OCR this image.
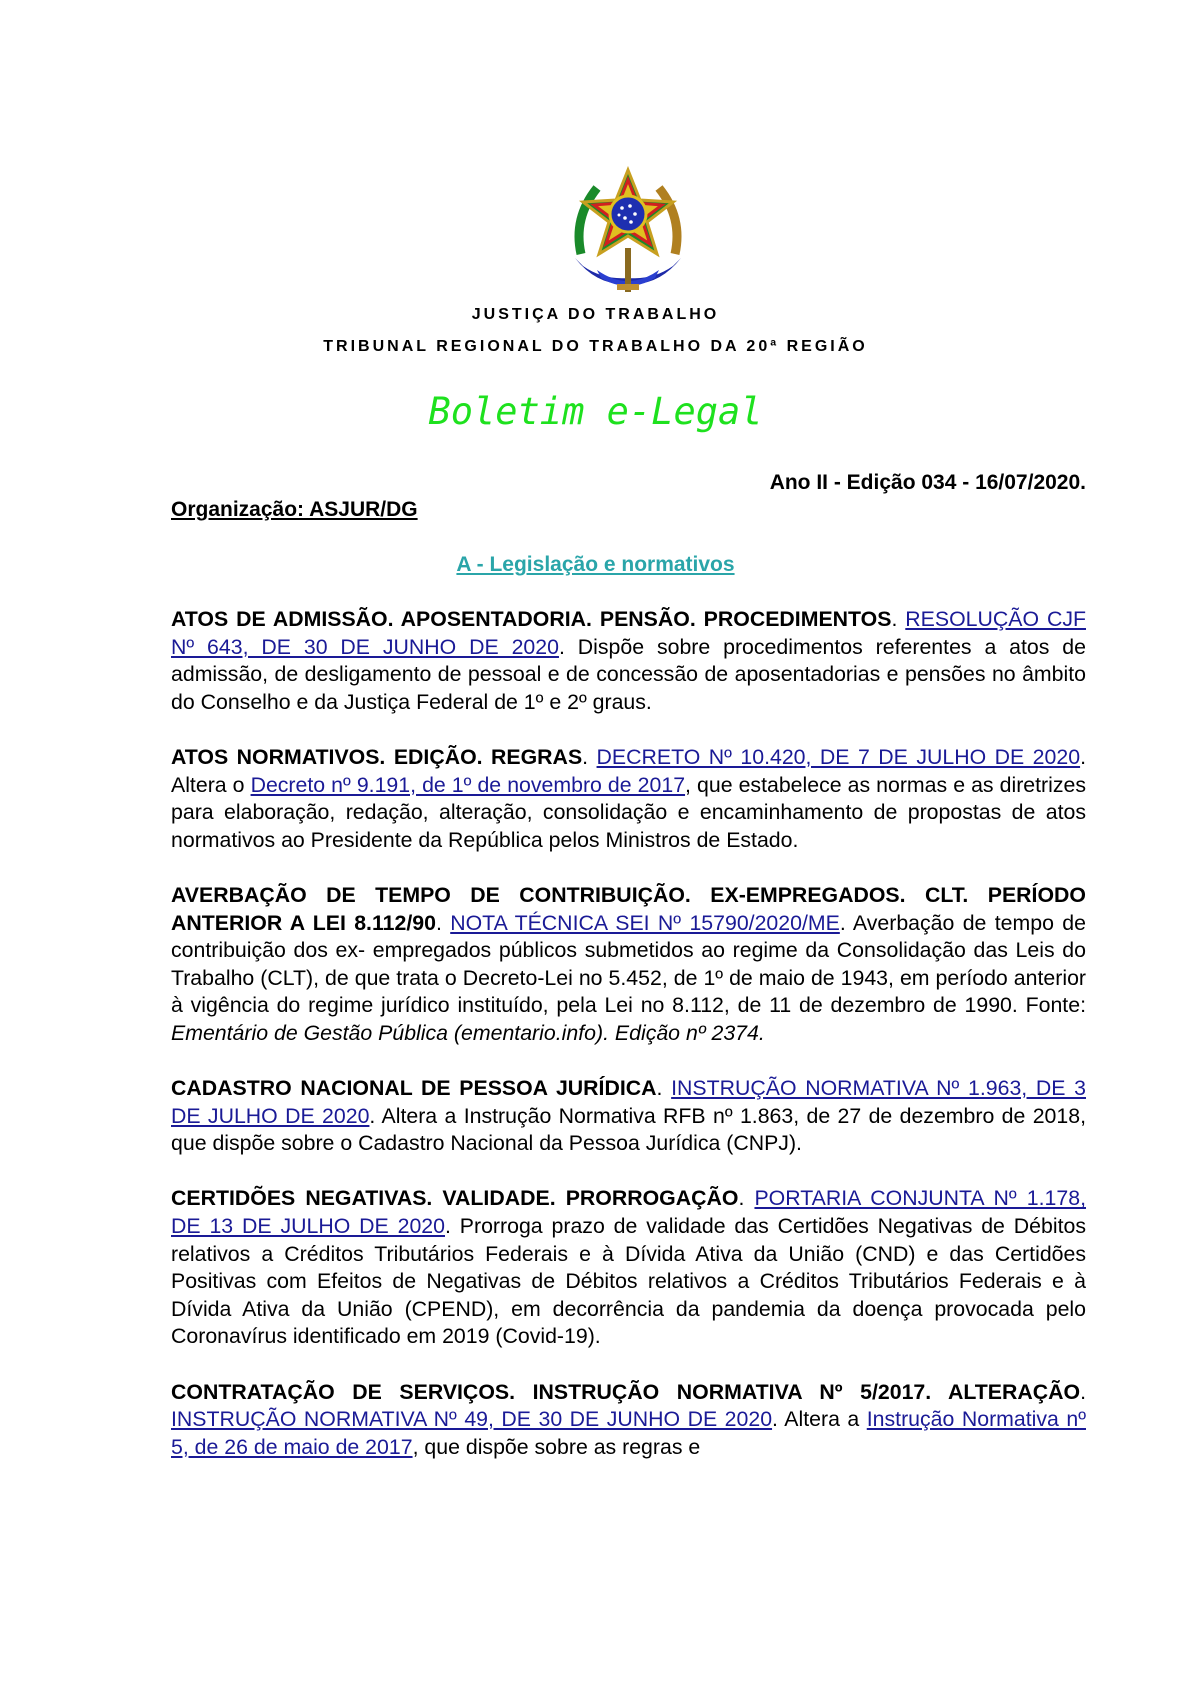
JUSTIÇA DO TRABALHO
TRIBUNAL REGIONAL DO TRABALHO DA 20ª REGIÃO
Boletim e-Legal
Ano II - Edição 034 - 16/07/2020.
Organização: ASJUR/DG
A - Legislação e normativos

ATOS DE ADMISSÃO. APOSENTADORIA. PENSÃO. PROCEDIMENTOS. RESOLUÇÃO CJF Nº 643, DE 30 DE JUNHO DE 2020. Dispõe sobre procedimentos referentes a atos de admissão, de desligamento de pessoal e de concessão de aposentadorias e pensões no âmbito do Conselho e da Justiça Federal de 1º e 2º graus.

ATOS NORMATIVOS. EDIÇÃO. REGRAS. DECRETO Nº 10.420, DE 7 DE JULHO DE 2020. Altera o Decreto nº 9.191, de 1º de novembro de 2017, que estabelece as normas e as diretrizes para elaboração, redação, alteração, consolidação e encaminhamento de propostas de atos normativos ao Presidente da República pelos Ministros de Estado.

AVERBAÇÃO DE TEMPO DE CONTRIBUIÇÃO. EX-EMPREGADOS. CLT. PERÍODO ANTERIOR A LEI 8.112/90. NOTA TÉCNICA SEI Nº 15790/2020/ME. Averbação de tempo de contribuição dos ex- empregados públicos submetidos ao regime da Consolidação das Leis do Trabalho (CLT), de que trata o Decreto-Lei no 5.452, de 1º de maio de 1943, em período anterior à vigência do regime jurídico instituído, pela Lei no 8.112, de 11 de dezembro de 1990. Fonte: Ementário de Gestão Pública (ementario.info). Edição nº 2374.

CADASTRO NACIONAL DE PESSOA JURÍDICA. INSTRUÇÃO NORMATIVA Nº 1.963, DE 3 DE JULHO DE 2020. Altera a Instrução Normativa RFB nº 1.863, de 27 de dezembro de 2018, que dispõe sobre o Cadastro Nacional da Pessoa Jurídica (CNPJ).

CERTIDÕES NEGATIVAS. VALIDADE. PRORROGAÇÃO. PORTARIA CONJUNTA Nº 1.178, DE 13 DE JULHO DE 2020. Prorroga prazo de validade das Certidões Negativas de Débitos relativos a Créditos Tributários Federais e à Dívida Ativa da União (CND) e das Certidões Positivas com Efeitos de Negativas de Débitos relativos a Créditos Tributários Federais e à Dívida Ativa da União (CPEND), em decorrência da pandemia da doença provocada pelo Coronavírus identificado em 2019 (Covid-19).

CONTRATAÇÃO DE SERVIÇOS. INSTRUÇÃO NORMATIVA Nº 5/2017. ALTERAÇÃO. INSTRUÇÃO NORMATIVA Nº 49, DE 30 DE JUNHO DE 2020. Altera a Instrução Normativa nº 5, de 26 de maio de 2017, que dispõe sobre as regras e
